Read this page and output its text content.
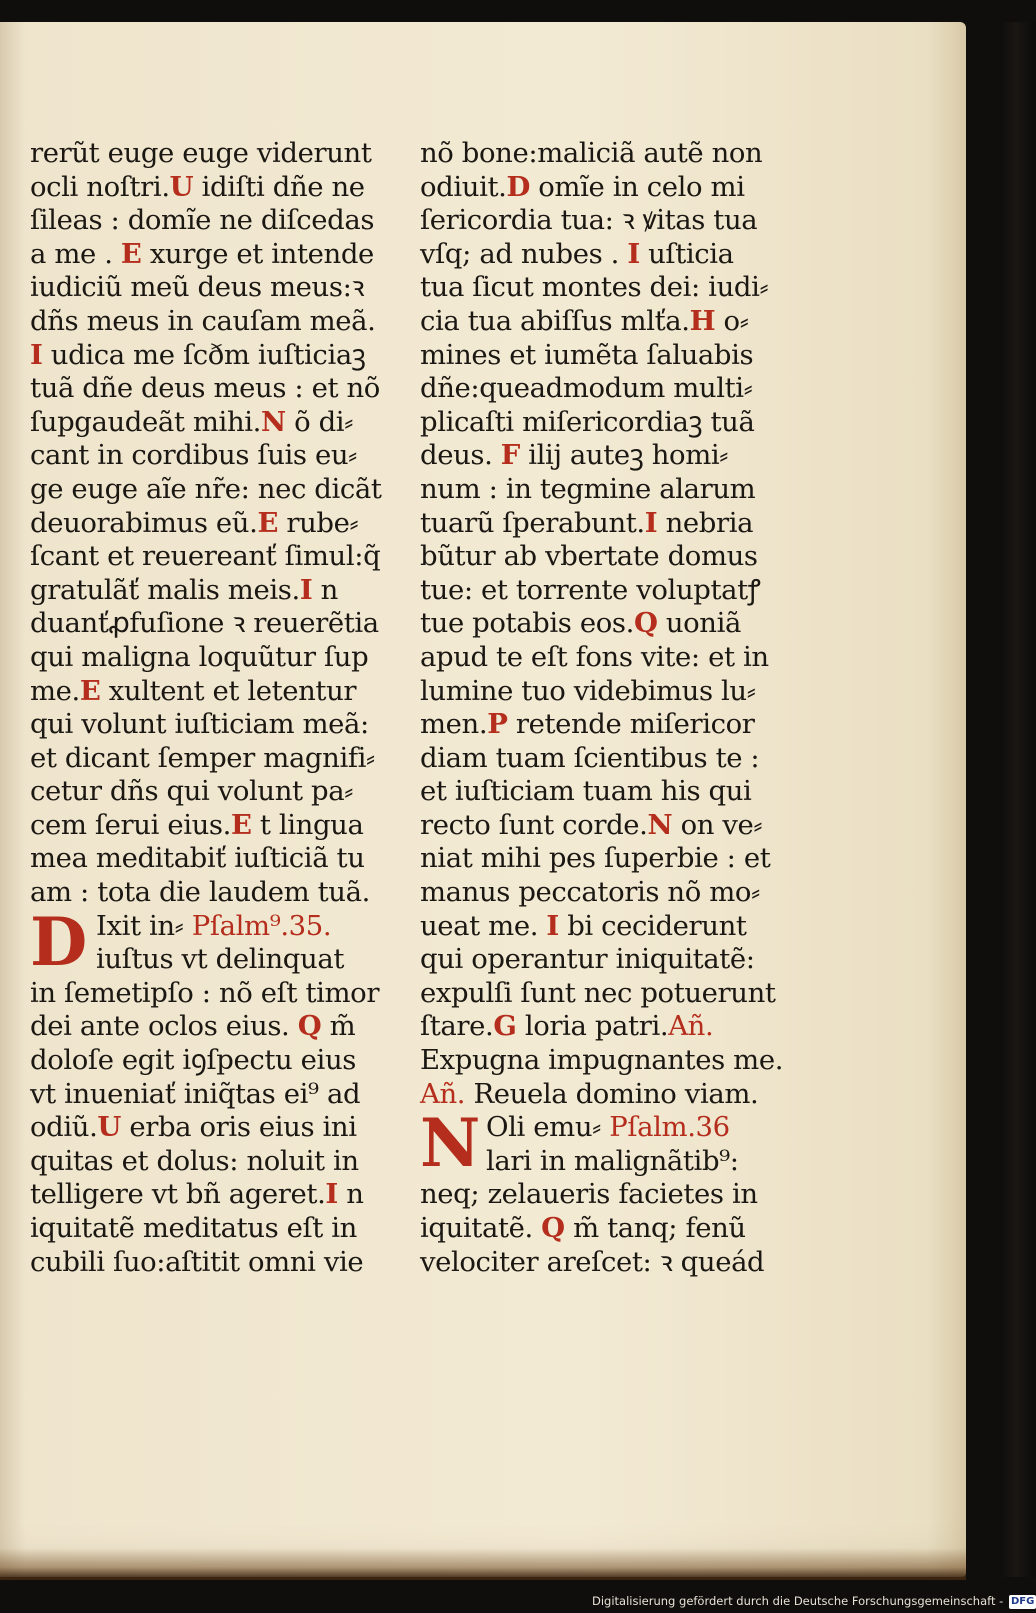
rerũt euge euge viderunt
ocli noſtri.U idiſti dñe ne
ſileas : domĩe ne diſcedas
a me . E xurge et intende
iudiciũ meũ deus meus:ꝛ
dñs meus in cauſam meã.
I udica me ſcðm iuſticiaꝫ
tuã dñe deus meus : et nõ
ſupgaudeãt mihi.N õ di⸗
cant in cordibus ſuis eu⸗
ge euge aĩe nr̃e: nec dicãt
deuorabimus eũ.E rube⸗
ſcant et reuereanť ſimul:q̃
gratulãť malis meis.I n
duanťꝓfuſione ꝛ reuerẽtia
qui maligna loquũtur ſup
me.E xultent et letentur
qui volunt iuſticiam meã:
et dicant ſemper magnifi⸗
cetur dñs qui volunt pa⸗
cem ſerui eius.E t lingua
mea meditabiť iuſticiã tu
am : tota die laudem tuã.
D Ixit in⸗ Pſalm⁹.35.
iuſtus vt delinquat
in ſemetipſo : nõ eſt timor
dei ante oclos eius. Q m̃
doloſe egit iꝯſpectu eius
vt inueniať iniq̃tas ei⁹ ad
odiũ.U erba oris eius ini
quitas et dolus: noluit in
telligere vt bñ ageret.I n
iquitatẽ meditatus eſt in
cubili ſuo:aſtitit omni vie
nõ bone:maliciã autẽ non
odiuit.D omĩe in celo mi
ſericordia tua: ꝛ ꝟitas tua
vſq; ad nubes . I uſticia
tua ſicut montes dei: iudi⸗
cia tua abiſſus mlťa.H o⸗
mines et iumẽta ſaluabis
dñe:queadmodum multi⸗
plicaſti miſericordiaꝫ tuã
deus. F ilij auteꝫ homi⸗
num : in tegmine alarum
tuarũ ſperabunt.I nebria
bũtur ab vbertate domus
tue: et torrente voluptatꝭ
tue potabis eos.Q uoniã
apud te eſt fons vite: et in
lumine tuo videbimus lu⸗
men.P retende miſericor
diam tuam ſcientibus te :
et iuſticiam tuam his qui
recto ſunt corde.N on ve⸗
niat mihi pes ſuperbie : et
manus peccatoris nõ mo⸗
ueat me. I bi ceciderunt
qui operantur iniquitatẽ:
expulſi ſunt nec potuerunt
ſtare.G loria patri.Añ.
Expugna impugnantes me.
Añ. Reuela domino viam.
N Oli emu⸗ Pſalm.36
lari in malignãtib⁹:
neq; zelaueris facietes in
iquitatẽ. Q m̃ tanq; fenũ
velociter areſcet: ꝛ queád
Digitalisierung gefördert durch die Deutsche Forschungsgemeinschaft - DFG
